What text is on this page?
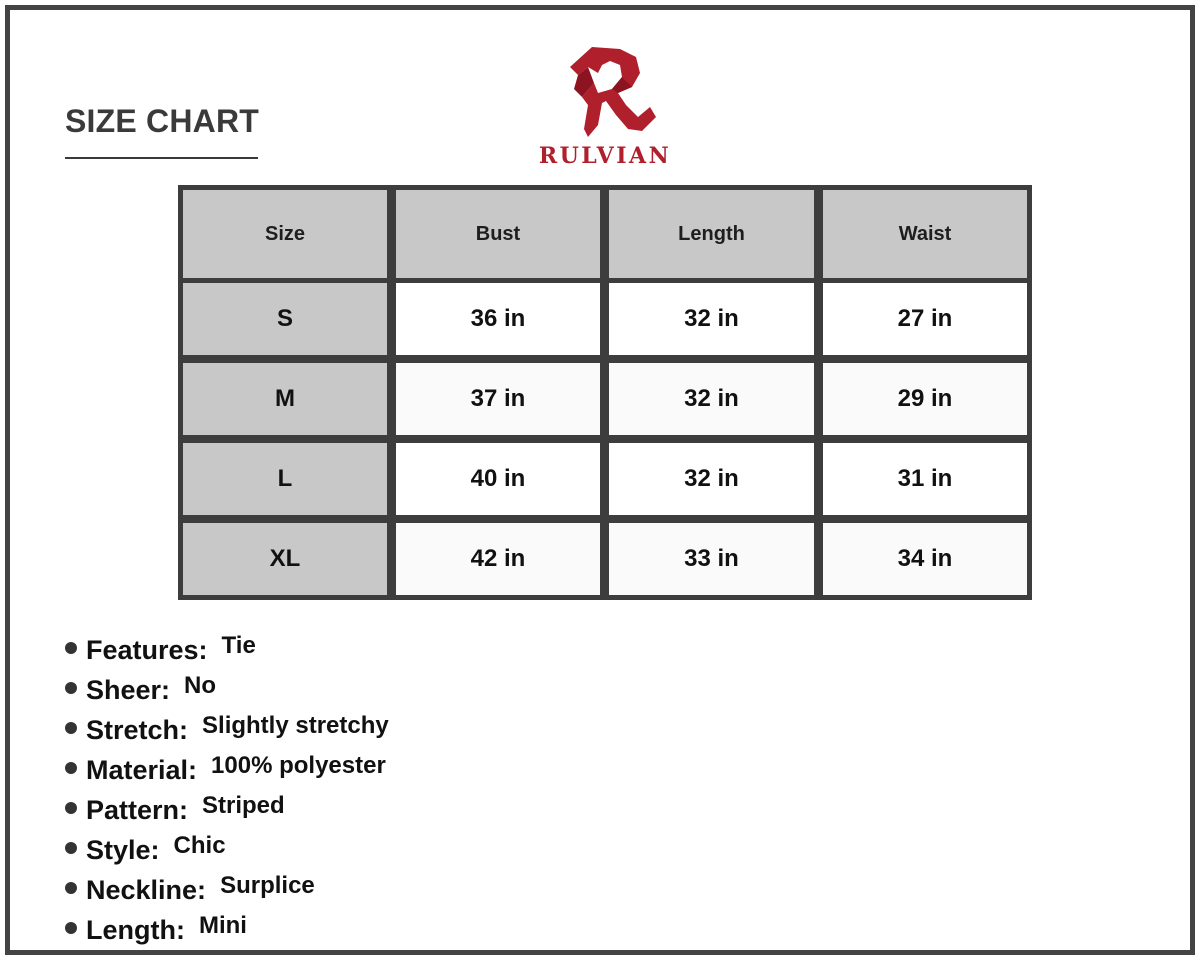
SIZE CHART
RULVIAN
Size	Bust	Length	Waist
S	36 in	32 in	27 in
M	37 in	32 in	29 in
L	40 in	32 in	31 in
XL	42 in	33 in	34 in
Features: Tie
Sheer: No
Stretch: Slightly stretchy
Material: 100% polyester
Pattern: Striped
Style: Chic
Neckline: Surplice
Length: Mini
